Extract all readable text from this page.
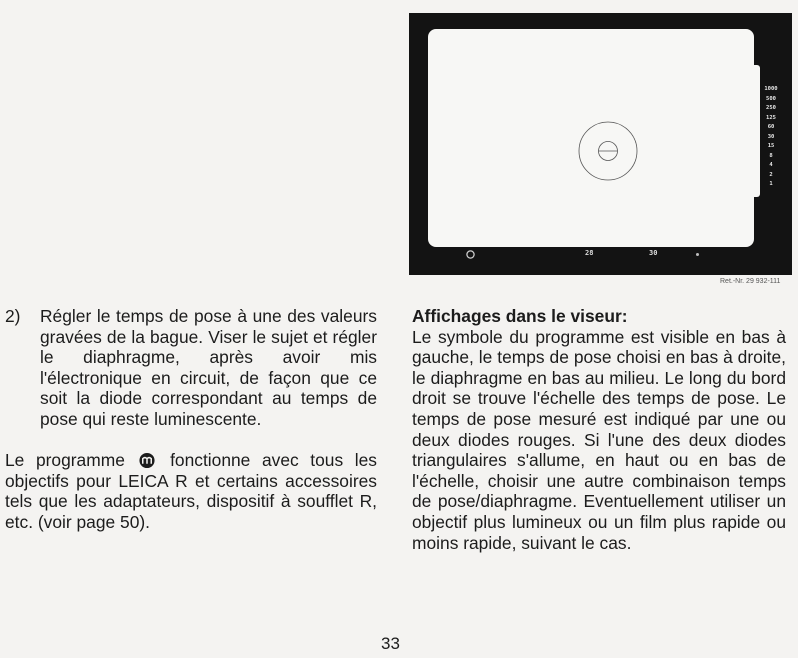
1000
500
250
125
60
30
15
8
4
2
1
28	30
Ret.-Nr. 29 932-111
2)	Régler le temps de pose à une des valeurs gravées de la bague. Viser le sujet et régler le diaphragme, après avoir mis l'électronique en circuit, de façon que ce soit la diode correspondant au temps de pose qui reste luminescente.
Le programme	fonctionne avec tous les objectifs pour LEICA R et certains accessoires tels que les adaptateurs, dispositif à soufflet R, etc. (voir page 50).
Affichages dans le viseur:
Le symbole du programme est visible en bas à gauche, le temps de pose choisi en bas à droite, le diaphragme en bas au milieu. Le long du bord droit se trouve l'échelle des temps de pose. Le temps de pose mesuré est indiqué par une ou deux diodes rouges. Si l'une des deux diodes triangulaires s'allume, en haut ou en bas de l'échelle, choisir une autre combinaison temps de pose/diaphragme. Eventuellement utiliser un objectif plus lumineux ou un film plus rapide ou moins rapide, suivant le cas.
33
